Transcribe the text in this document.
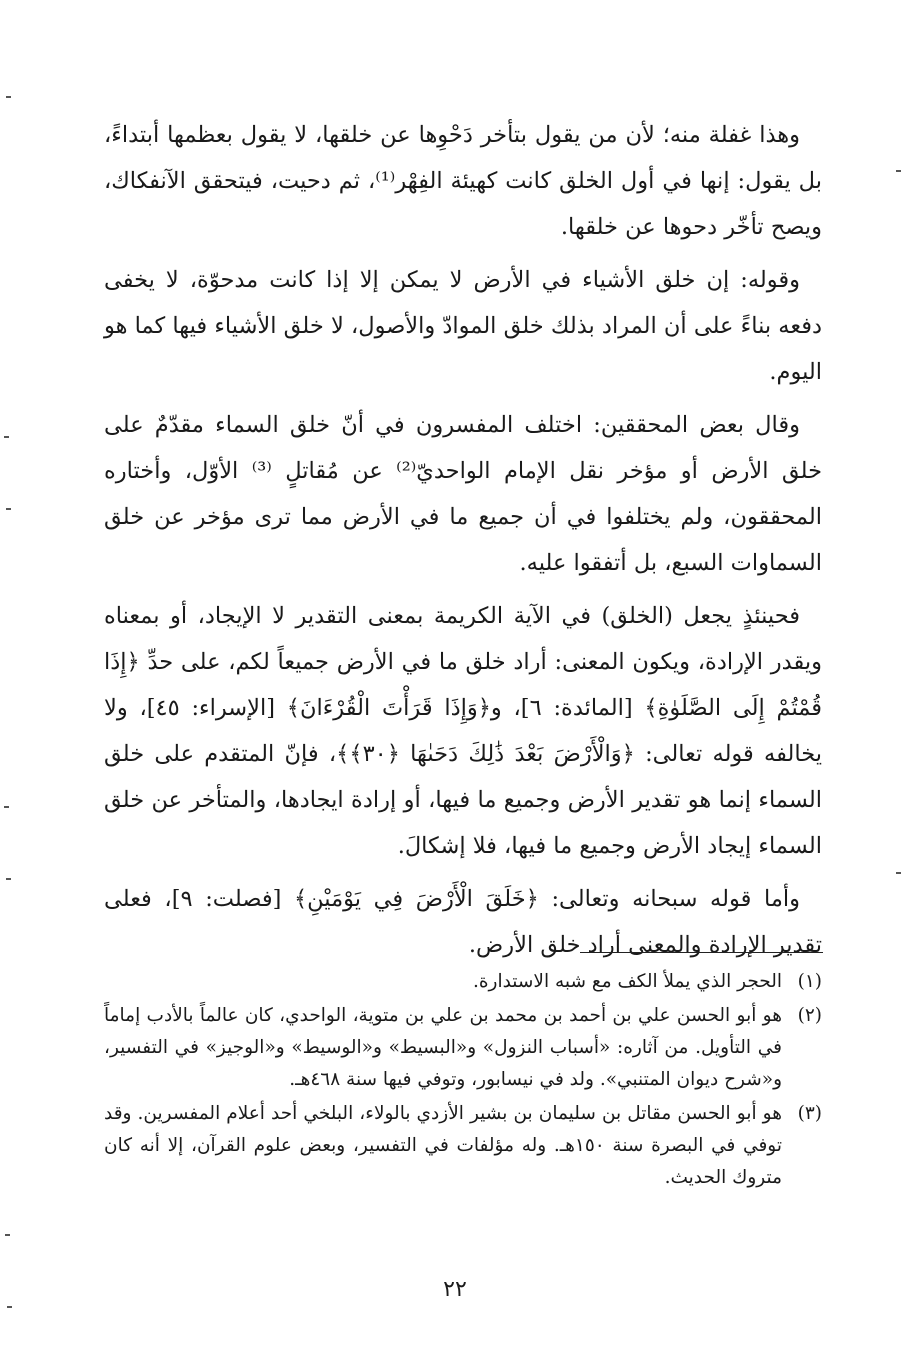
وهذا غفلة منه؛ لأن من يقول بتأخر دَحْوِها عن خلقها، لا يقول بعظمها أبتداءً، بل يقول: إنها في أول الخلق كانت كهيئة الفِهْر⁽¹⁾، ثم دحيت، فيتحقق الآنفكاك، ويصح تأخّر دحوها عن خلقها.

وقوله: إن خلق الأشياء في الأرض لا يمكن إلا إذا كانت مدحوّة، لا يخفى دفعه بناءً على أن المراد بذلك خلق الموادّ والأصول، لا خلق الأشياء فيها كما هو اليوم.

وقال بعض المحققين: اختلف المفسرون في أنّ خلق السماء مقدّمٌ على خلق الأرض أو مؤخر نقل الإمام الواحديّ⁽²⁾ عن مُقاتلٍ ⁽³⁾ الأوّل، وأختاره المحققون، ولم يختلفوا في أن جميع ما في الأرض مما ترى مؤخر عن خلق السماوات السبع، بل أتفقوا عليه.

فحينئذٍ يجعل (الخلق) في الآية الكريمة بمعنى التقدير لا الإيجاد، أو بمعناه ويقدر الإرادة، ويكون المعنى: أراد خلق ما في الأرض جميعاً لكم، على حدِّ ﴿إِذَا قُمْتُمْ إِلَى الصَّلَوٰةِ﴾ [المائدة: ٦]، و﴿وَإِذَا قَرَأْتَ الْقُرْءَانَ﴾ [الإسراء: ٤٥]، ولا يخالفه قوله تعالى: ﴿وَالْأَرْضَ بَعْدَ ذَٰلِكَ دَحَىٰهَا ﴿٣٠﴾﴾، فإنّ المتقدم على خلق السماء إنما هو تقدير الأرض وجميع ما فيها، أو إرادة ايجادها، والمتأخر عن خلق السماء إيجاد الأرض وجميع ما فيها، فلا إشكالَ.

وأما قوله سبحانه وتعالى: ﴿خَلَقَ الْأَرْضَ فِي يَوْمَيْنِ﴾ [فصلت: ٩]، فعلى تقدير الإرادة والمعنى أراد خلق الأرض.

(١)
الحجر الذي يملأ الكف مع شبه الاستدارة.
(٢)
هو أبو الحسن علي بن أحمد بن محمد بن علي بن متوية، الواحدي، كان عالماً بالأدب إماماً في التأويل. من آثاره: «أسباب النزول» و«البسيط» و«الوسيط» و«الوجيز» في التفسير، و«شرح ديوان المتنبي». ولد في نيسابور، وتوفي فيها سنة ٤٦٨هـ.
(٣)
هو أبو الحسن مقاتل بن سليمان بن بشير الأزدي بالولاء، البلخي أحد أعلام المفسرين. وقد توفي في البصرة سنة ١٥٠هـ. وله مؤلفات في التفسير، وبعض علوم القرآن، إلا أنه كان متروك الحديث.
٢٢
